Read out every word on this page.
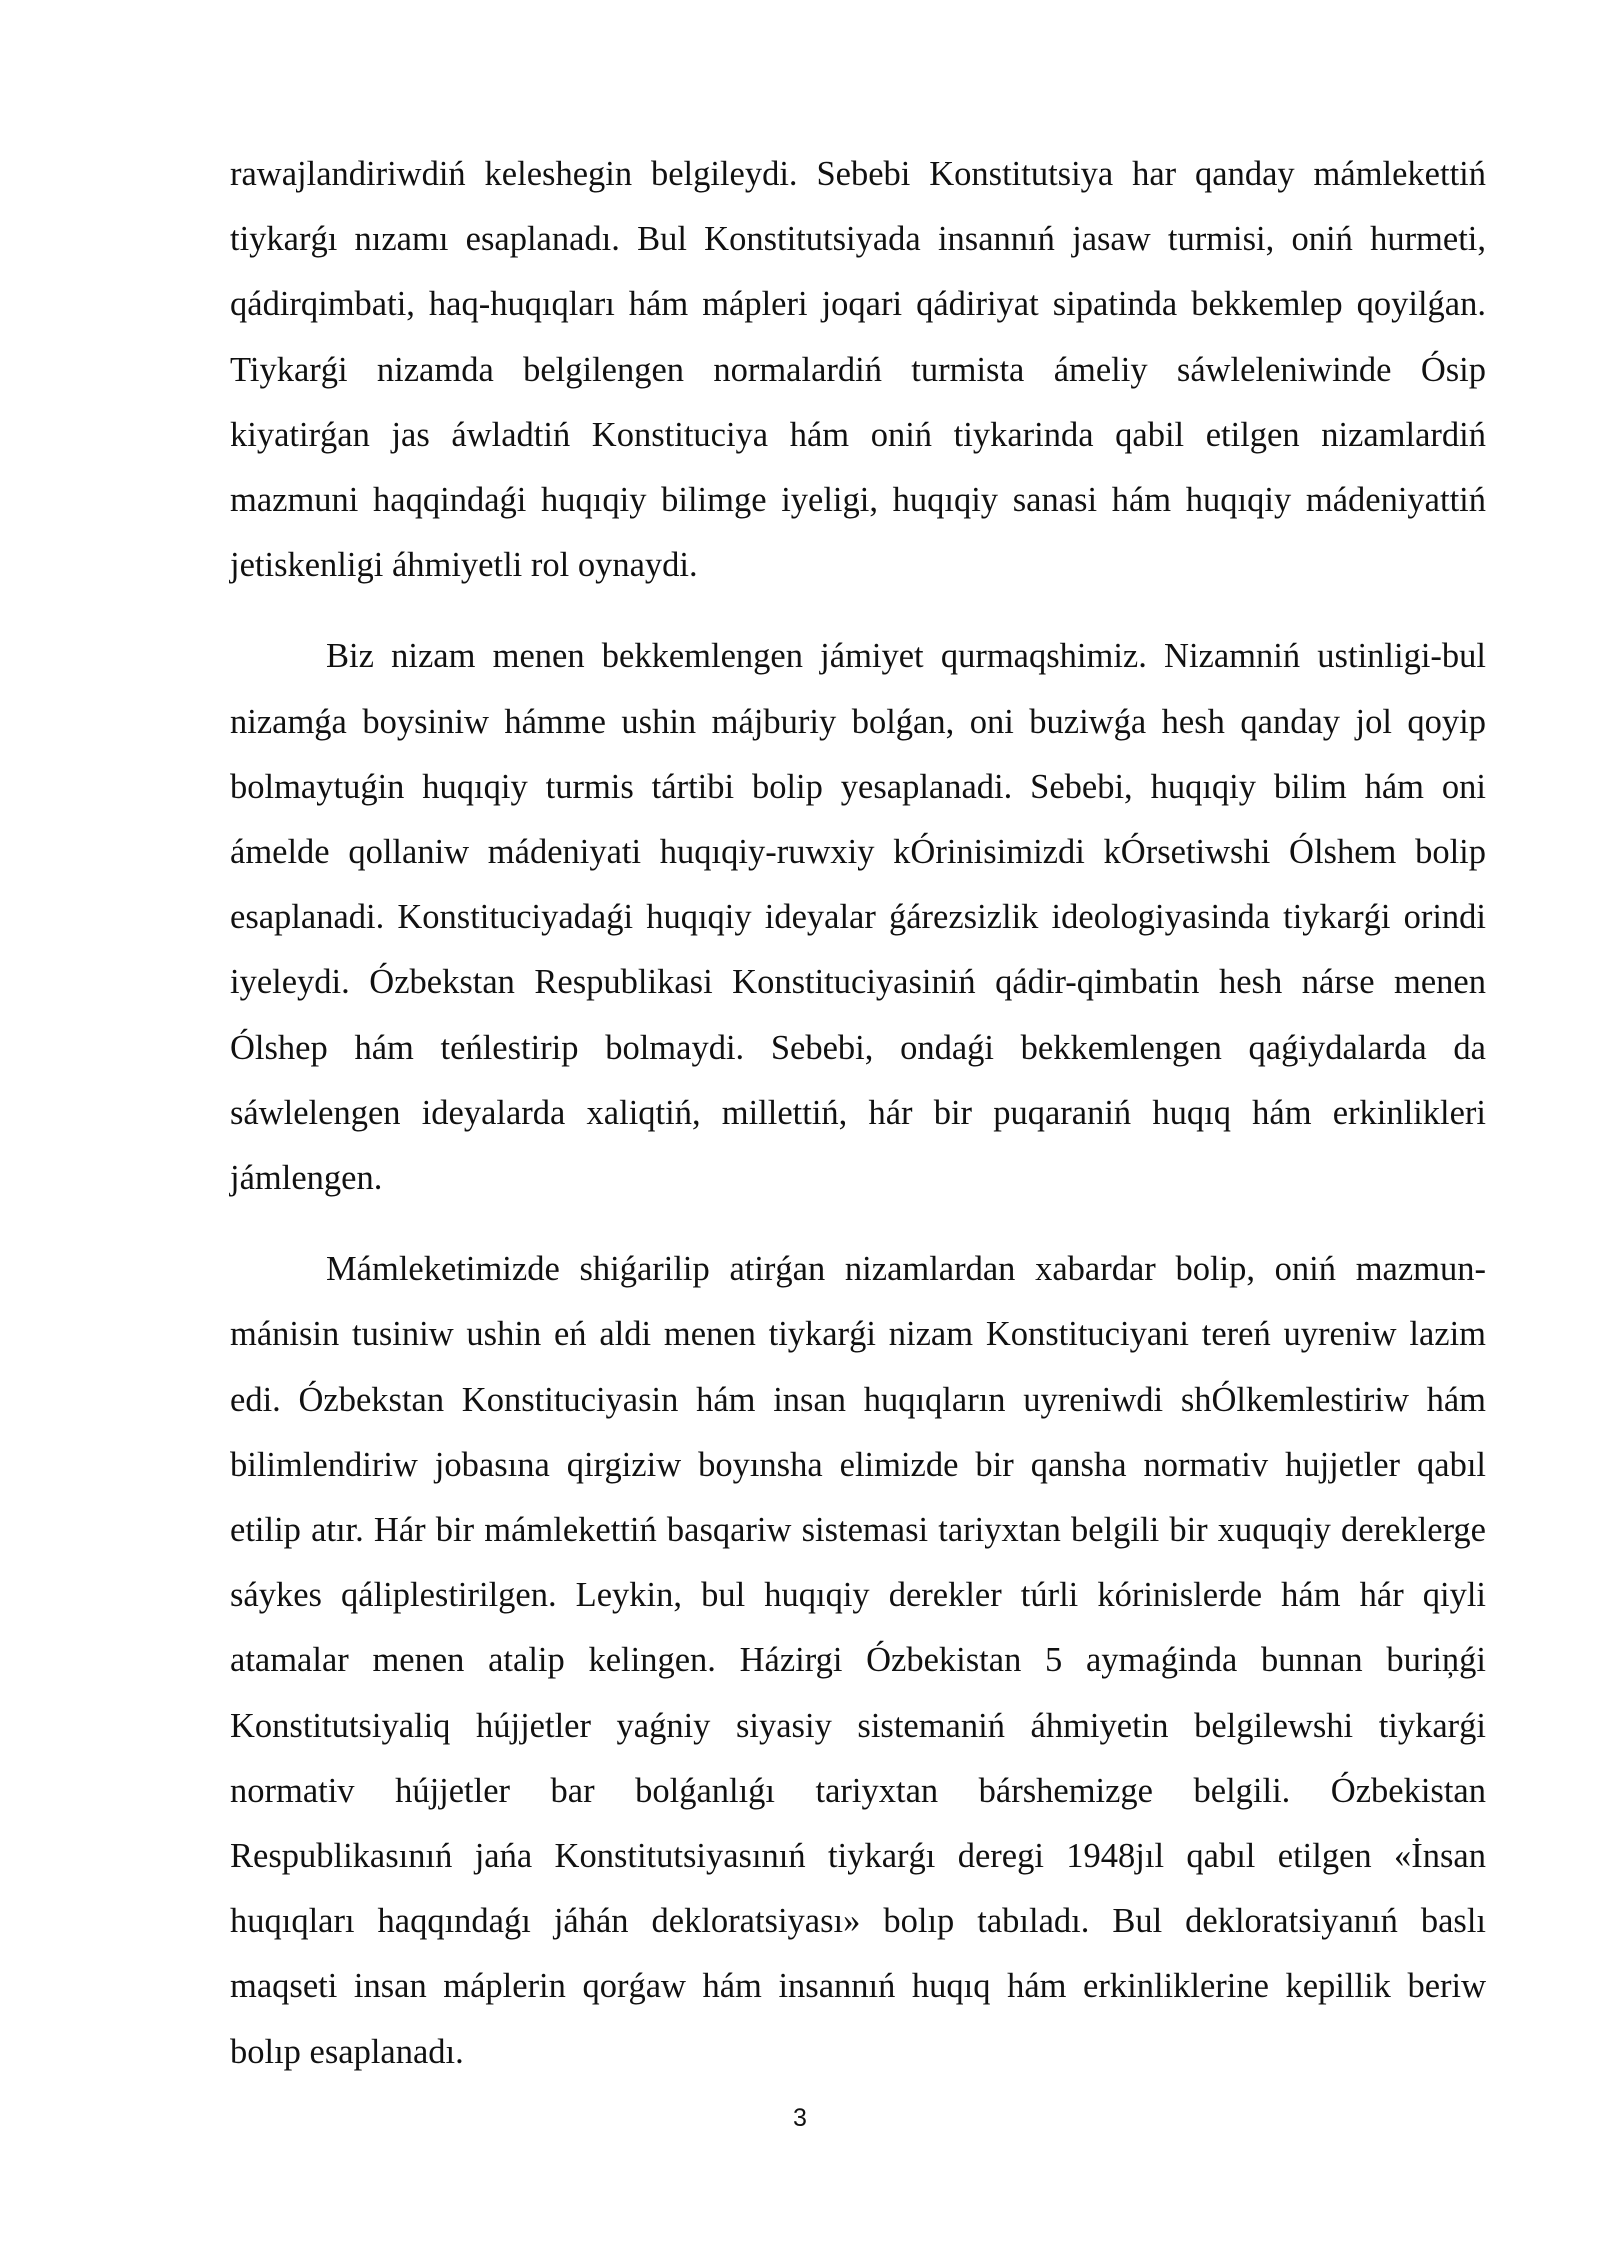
rawajlandiriwdiń keleshegin belgileydi. Sebebi Konstitutsiya har qanday mámlekettiń tiykarǵı nızamı esaplanadı. Bul Konstitutsiyada insannıń jasaw turmisi, oniń hurmeti, qádirqimbati, haq-huqıqları hám mápleri joqari qádiriyat sipatinda bekkemlep qoyilǵan. Tiykarǵi nizamda belgilengen normalardiń turmista ámeliy sáwleleniwinde Ósip kiyatirǵan jas áwladtiń Konstituciya hám oniń tiykarinda qabil etilgen nizamlardiń mazmuni haqqindaǵi huqıqiy bilimge iyeligi, huqıqiy sanasi hám huqıqiy mádeniyattiń jetiskenligi áhmiyetli rol oynaydi.

Biz nizam menen bekkemlengen jámiyet qurmaqshimiz. Nizamniń ustinligi-bul nizamǵa boysiniw hámme ushin májburiy bolǵan, oni buziwǵa hesh qanday jol qoyip bolmaytuǵin huqıqiy turmis tártibi bolip yesaplanadi. Sebebi, huqıqiy bilim hám oni ámelde qollaniw mádeniyati huqıqiy-ruwxiy kÓrinisimizdi kÓrsetiwshi Ólshem bolip esaplanadi. Konstituciyadaǵi huqıqiy ideyalar ǵárezsizlik ideologiyasinda tiykarǵi orindi iyeleydi. Ózbekstan Respublikasi Konstituciyasiniń qádir-qimbatin hesh nárse menen Ólshep hám teńlestirip bolmaydi. Sebebi, ondaǵi bekkemlengen qaǵiydalarda da sáwlelengen ideyalarda xaliqtiń, millettiń, hár bir puqaraniń huqıq hám erkinlikleri jámlengen.

Mámleketimizde shiǵarilip atirǵan nizamlardan xabardar bolip, oniń mazmun-mánisin tusiniw ushin eń aldi menen tiykarǵi nizam Konstituciyani tereń uyreniw lazim edi. Ózbekstan Konstituciyasin hám insan huqıqların uyreniwdi shÓlkemlestiriw hám bilimlendiriw jobasına qirgiziw boyınsha elimizde bir qansha normativ hujjetler qabıl etilip atır. Hár bir mámlekettiń basqariw sistemasi tariyxtan belgili bir xuquqiy dereklerge sáykes qáliplestirilgen. Leykin, bul huqıqiy derekler túrli kórinislerde hám hár qiyli atamalar menen atalip kelingen. Házirgi Ózbekistan 5 aymaǵinda bunnan buriņǵi Konstitutsiyaliq hújjetler yaǵniy siyasiy sistemaniń áhmiyetin belgilewshi tiykarǵi normativ hújjetler bar bolǵanlıǵı tariyxtan bárshemizge belgili. Ózbekistan Respublikasınıń jańa Konstitutsiyasınıń tiykarǵı deregi 1948jıl qabıl etilgen «İnsan huqıqları haqqındaǵı jáhán dekloratsiyası» bolıp tabıladı. Bul dekloratsiyanıń baslı maqseti insan máplerin qorǵaw hám insannıń huqıq hám erkinliklerine kepillik beriw bolıp esaplanadı.

3
